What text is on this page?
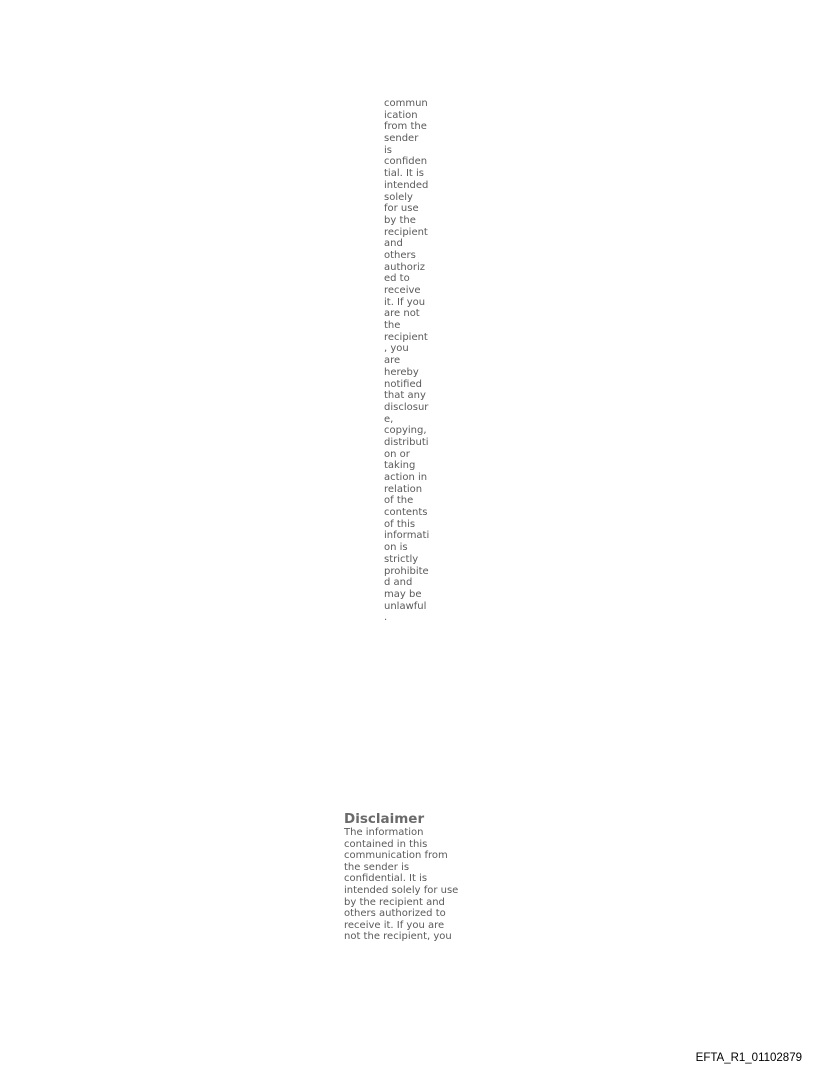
commun
ication
from the
sender
is
confiden
tial. It is
intended
solely
for use
by the
recipient
and
others
authoriz
ed to
receive
it. If you
are not
the
recipient
, you
are
hereby
notified
that any
disclosur
e,
copying,
distributi
on or
taking
action in
relation
of the
contents
of this
informati
on is
strictly
prohibite
d and
may be
unlawful
.
Disclaimer
The information
contained in this
communication from
the sender is
confidential. It is
intended solely for use
by the recipient and
others authorized to
receive it. If you are
not the recipient, you
EFTA_R1_01102879
